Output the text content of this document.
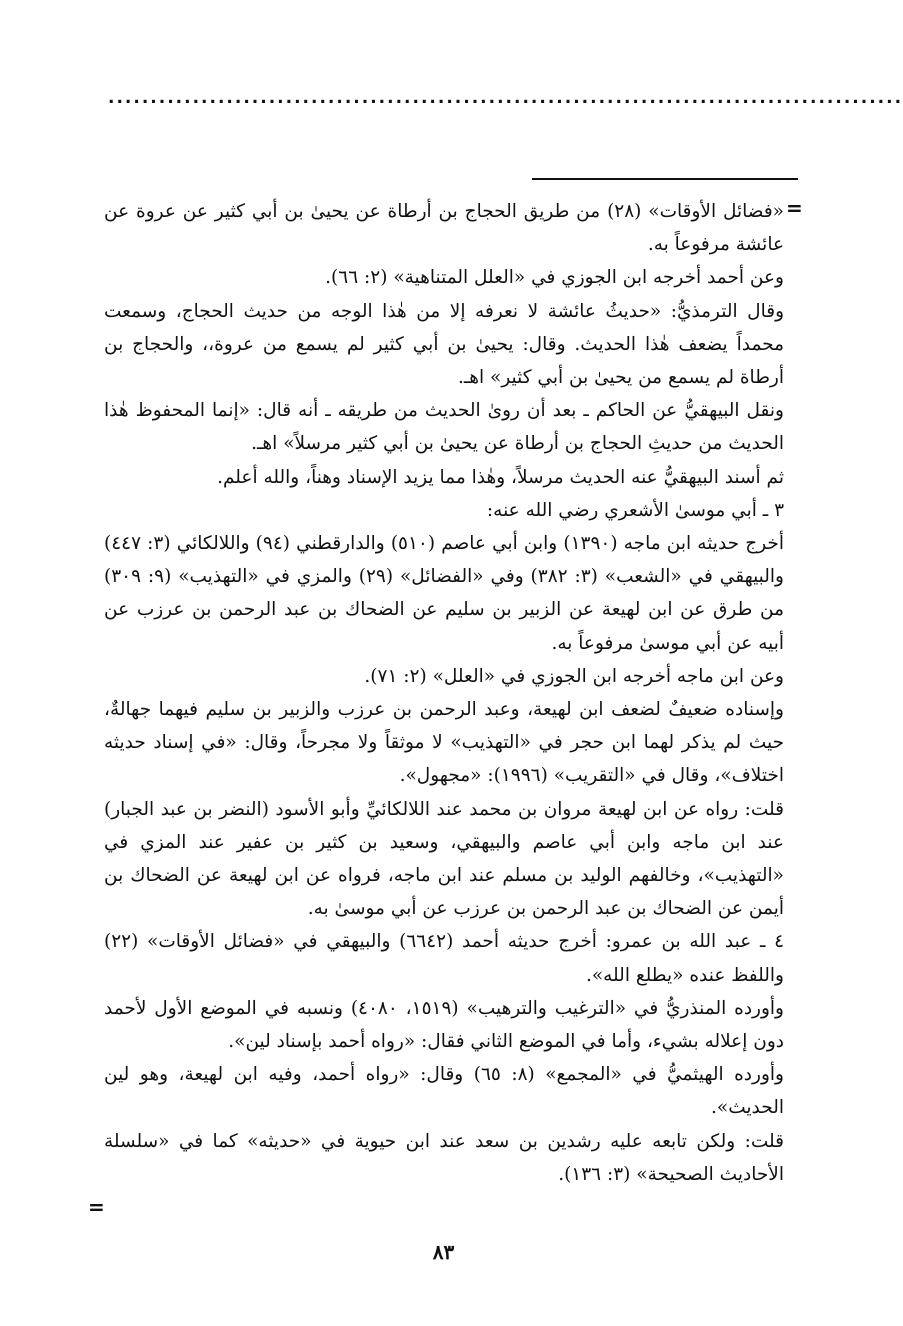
..............................................................................................
=

«فضائل الأوقات» (٢٨) من طريق الحجاج بن أرطاة عن يحيىٰ بن أبي كثير عن عروة عن عائشة مرفوعاً به.

وعن أحمد أخرجه ابن الجوزي في «العلل المتناهية» (٢: ٦٦).

وقال الترمذيُّ: «حديثُ عائشة لا نعرفه إلا من هٰذا الوجه من حديث الحجاج، وسمعت محمداً يضعف هٰذا الحديث. وقال: يحيىٰ بن أبي كثير لم يسمع من عروة،، والحجاج بن أرطاة لم يسمع من يحيىٰ بن أبي كثير» اهـ.

ونقل البيهقيُّ عن الحاكم ـ بعد أن روىٰ الحديث من طريقه ـ أنه قال: «إنما المحفوظ هٰذا الحديث من حديثِ الحجاج بن أرطاة عن يحيىٰ بن أبي كثير مرسلاً» اهـ.

ثم أسند البيهقيُّ عنه الحديث مرسلاً، وهٰذا مما يزيد الإسناد وهناً، والله أعلم.

٣ ـ أبي موسىٰ الأشعري رضي الله عنه:

أخرج حديثه ابن ماجه (١٣٩٠) وابن أبي عاصم (٥١٠) والدارقطني (٩٤) واللالكائي (٣: ٤٤٧) والبيهقي في «الشعب» (٣: ٣٨٢) وفي «الفضائل» (٢٩) والمزي في «التهذيب» (٩: ٣٠٩) من طرق عن ابن لهيعة عن الزبير بن سليم عن الضحاك بن عبد الرحمن بن عرزب عن أبيه عن أبي موسىٰ مرفوعاً به.

وعن ابن ماجه أخرجه ابن الجوزي في «العلل» (٢: ٧١).

وإسناده ضعيفٌ لضعف ابن لهيعة، وعبد الرحمن بن عرزب والزبير بن سليم فيهما جهالةٌ، حيث لم يذكر لهما ابن حجر في «التهذيب» لا موثقاً ولا مجرحاً، وقال: «في إسناد حديثه اختلاف»، وقال في «التقريب» (١٩٩٦): «مجهول».

قلت: رواه عن ابن لهيعة مروان بن محمد عند اللالكائيِّ وأبو الأسود (النضر بن عبد الجبار) عند ابن ماجه وابن أبي عاصم والبيهقي، وسعيد بن كثير بن عفير عند المزي في «التهذيب»، وخالفهم الوليد بن مسلم عند ابن ماجه، فرواه عن ابن لهيعة عن الضحاك بن أيمن عن الضحاك بن عبد الرحمن بن عرزب عن أبي موسىٰ به.

٤ ـ عبد الله بن عمرو: أخرج حديثه أحمد (٦٦٤٢) والبيهقي في «فضائل الأوقات» (٢٢) واللفظ عنده «يطلع الله».

وأورده المنذريُّ في «الترغيب والترهيب» (١٥١٩، ٤٠٨٠) ونسبه في الموضع الأول لأحمد دون إعلاله بشيء، وأما في الموضع الثاني فقال: «رواه أحمد بإسناد لين».

وأورده الهيثميُّ في «المجمع» (٨: ٦٥) وقال: «رواه أحمد، وفيه ابن لهيعة، وهو لين الحديث».

قلت: ولكن تابعه عليه رشدين بن سعد عند ابن حيوية في «حديثه» كما في «سلسلة الأحاديث الصحيحة» (٣: ١٣٦).

=
٨٣
